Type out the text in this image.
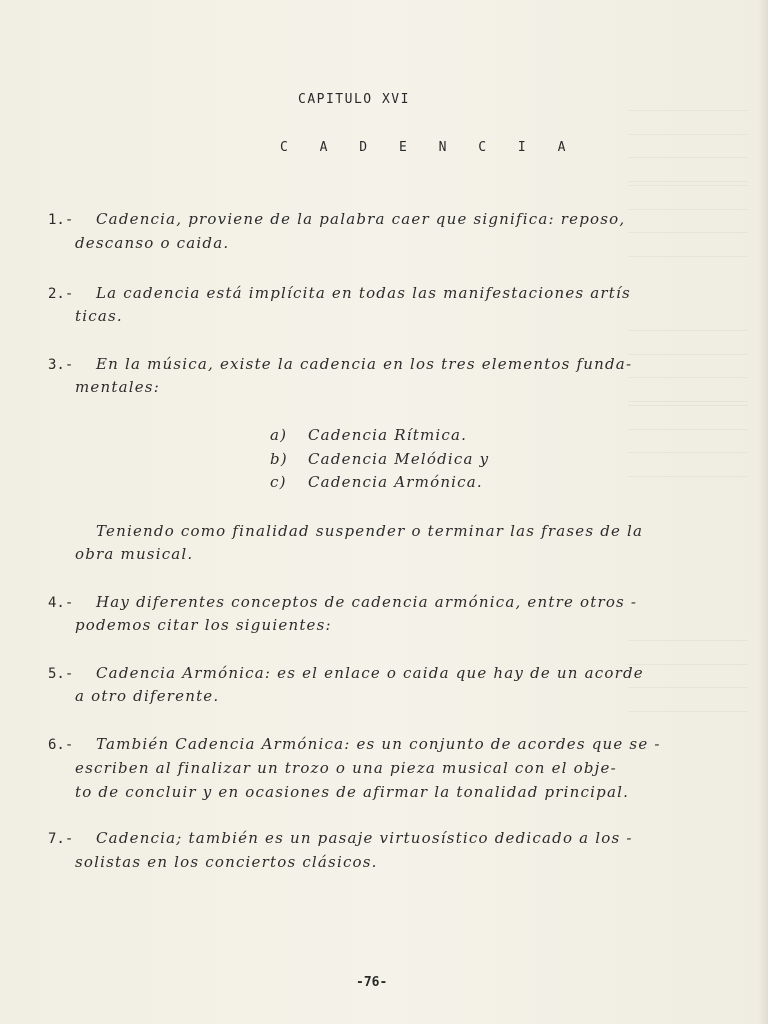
CAPITULO XVI
C A D E N C I A
1.- Cadencia, proviene de la palabra caer que significa: reposo,
descanso o caida.
2.- La cadencia está implícita en todas las manifestaciones artís
ticas.
3.- En la música, existe la cadencia en los tres elementos funda-
mentales:
a) Cadencia Rítmica.
b) Cadencia Melódica y
c) Cadencia Armónica.
Teniendo como finalidad suspender o terminar las frases de la
obra musical.
4.- Hay diferentes conceptos de cadencia armónica, entre otros -
podemos citar los siguientes:
5.- Cadencia Armónica: es el enlace o caida que hay de un acorde
a otro diferente.
6.- También Cadencia Armónica: es un conjunto de acordes que se -
escriben al finalizar un trozo o una pieza musical con el obje-
to de concluir y en ocasiones de afirmar la tonalidad principal.
7.- Cadencia; también es un pasaje virtuosístico dedicado a los -
solistas en los conciertos clásicos.
-76-
